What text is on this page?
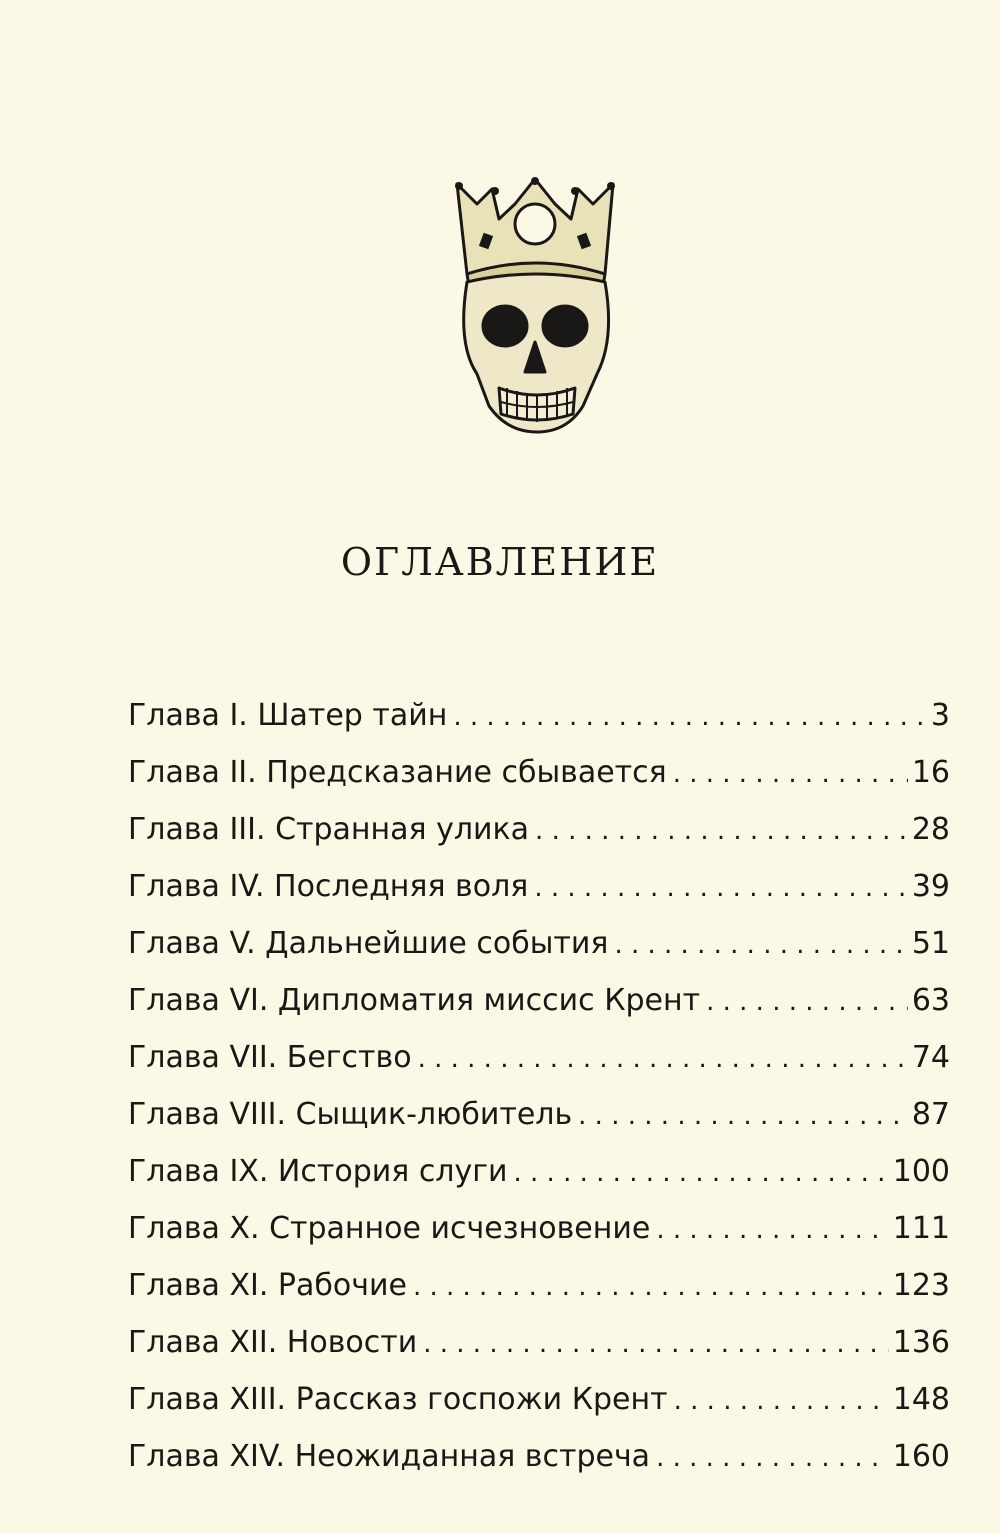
ОГЛАВЛЕНИЕ
Глава I. Шатер тайн . . .	3
Глава II. Предсказание сбывается . . .	16
Глава III. Странная улика . . .	28
Глава IV. Последняя воля . . .	39
Глава V. Дальнейшие события . . .	51
Глава VI. Дипломатия миссис Крент . . .	63
Глава VII. Бегство . . .	74
Глава VIII. Сыщик-любитель . . .	87
Глава IX. История слуги . . .	100
Глава X. Странное исчезновение . . .	111
Глава XI. Рабочие . . .	123
Глава XII. Новости . . .	136
Глава XIII. Рассказ госпожи Крент . . .	148
Глава XIV. Неожиданная встреча . . .	160
